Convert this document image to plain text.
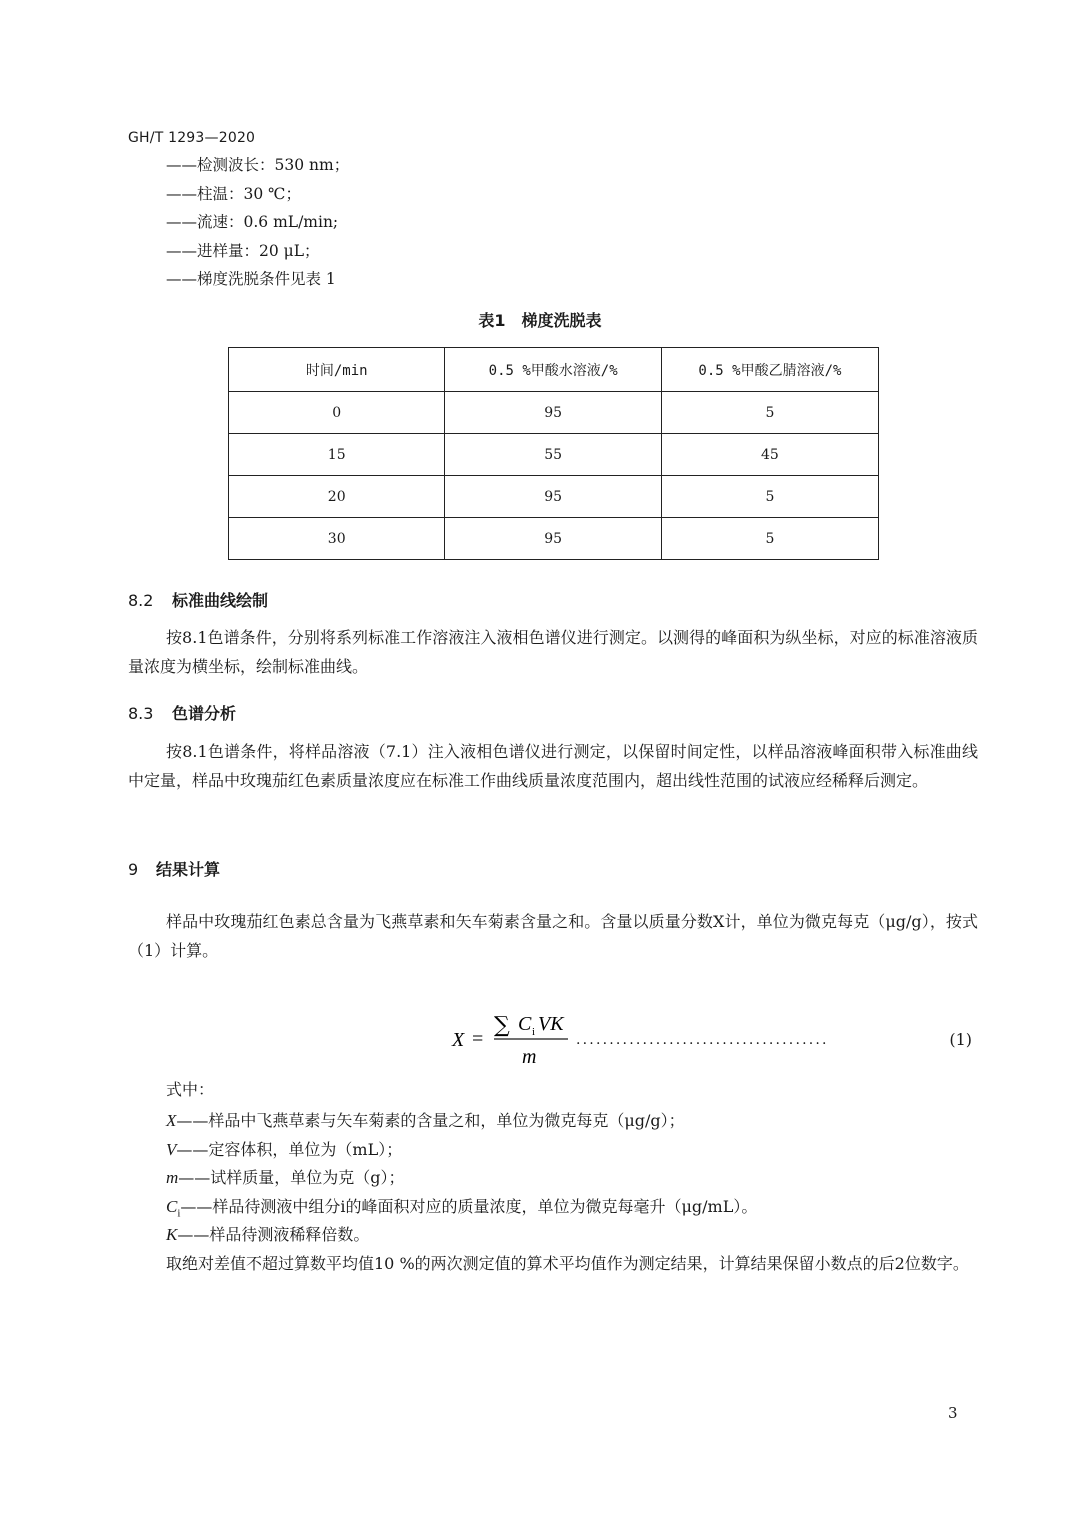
GH/T 1293—2020
——检测波长：530 nm；
——柱温：30 ℃；
——流速：0.6 mL/min;
——进样量：20 μL；
——梯度洗脱条件见表 1
表1　梯度洗脱表
时间/min	0.5 %甲酸水溶液/%	0.5 %甲酸乙腈溶液/%
0	95	5
15	55	45
20	95	5
30	95	5
8.2 标准曲线绘制

按8.1色谱条件，分别将系列标准工作溶液注入液相色谱仪进行测定。以测得的峰面积为纵坐标，对应的标准溶液质量浓度为横坐标，绘制标准曲线。

8.3 色谱分析

按8.1色谱条件，将样品溶液（7.1）注入液相色谱仪进行测定，以保留时间定性，以样品溶液峰面积带入标准曲线中定量，样品中玫瑰茄红色素质量浓度应在标准工作曲线质量浓度范围内，超出线性范围的试液应经稀释后测定。

9 结果计算

样品中玫瑰茄红色素总含量为飞燕草素和矢车菊素含量之和。含量以质量分数X计，单位为微克每克（μg/g），按式（1）计算。

X =
∑ C i VK
m
......................................	(1)
式中：
X——样品中飞燕草素与矢车菊素的含量之和，单位为微克每克（μg/g）；
V——定容体积，单位为（mL）；
m——试样质量，单位为克（g）；
$C_i——$样品待测液中组分i的峰面积对应的质量浓度，单位为微克每毫升（μg/mL）。
K——样品待测液稀释倍数。
取绝对差值不超过算数平均值10 %的两次测定值的算术平均值作为测定结果，计算结果保留小数点的后2位数字。
3
